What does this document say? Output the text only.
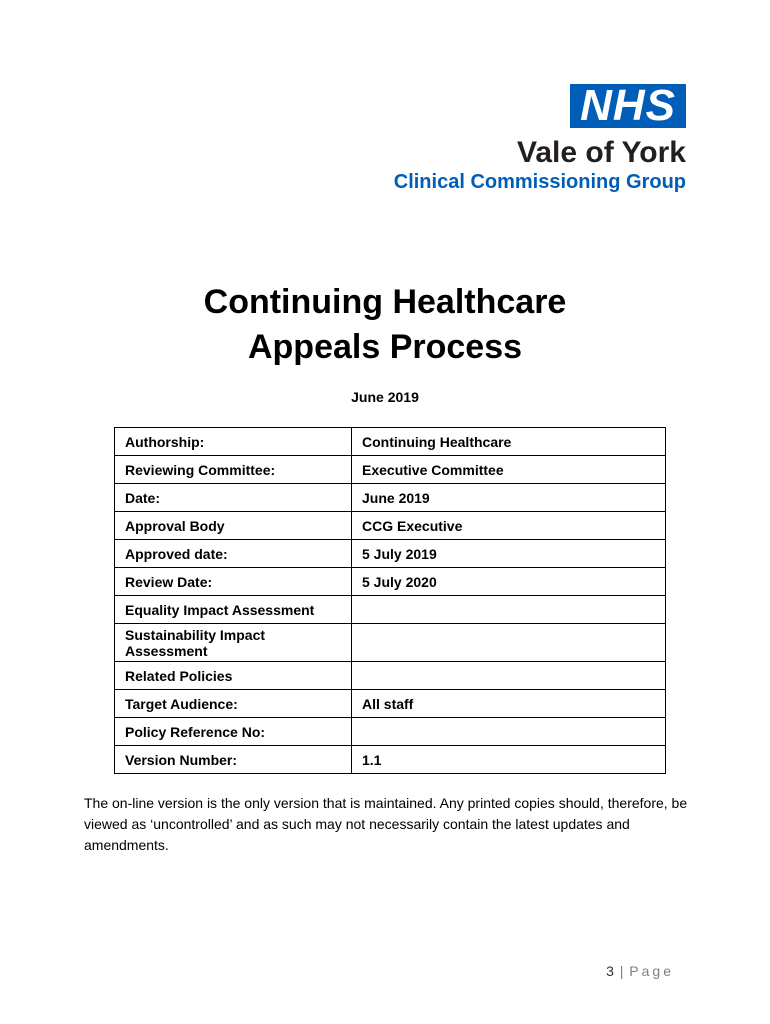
NHS
Vale of York
Clinical Commissioning Group
Continuing Healthcare
Appeals Process
June 2019
Authorship:	Continuing Healthcare
Reviewing Committee:	Executive Committee
Date:	June 2019
Approval Body	CCG Executive
Approved date:	5 July 2019
Review Date:	5 July 2020
Equality Impact Assessment	
Sustainability Impact Assessment	
Related Policies	
Target Audience:	All staff
Policy Reference No:	
Version Number:	1.1
The on-line version is the only version that is maintained. Any printed copies should, therefore, be viewed as ‘uncontrolled’ and as such may not necessarily contain the latest updates and amendments.
3 | Page
